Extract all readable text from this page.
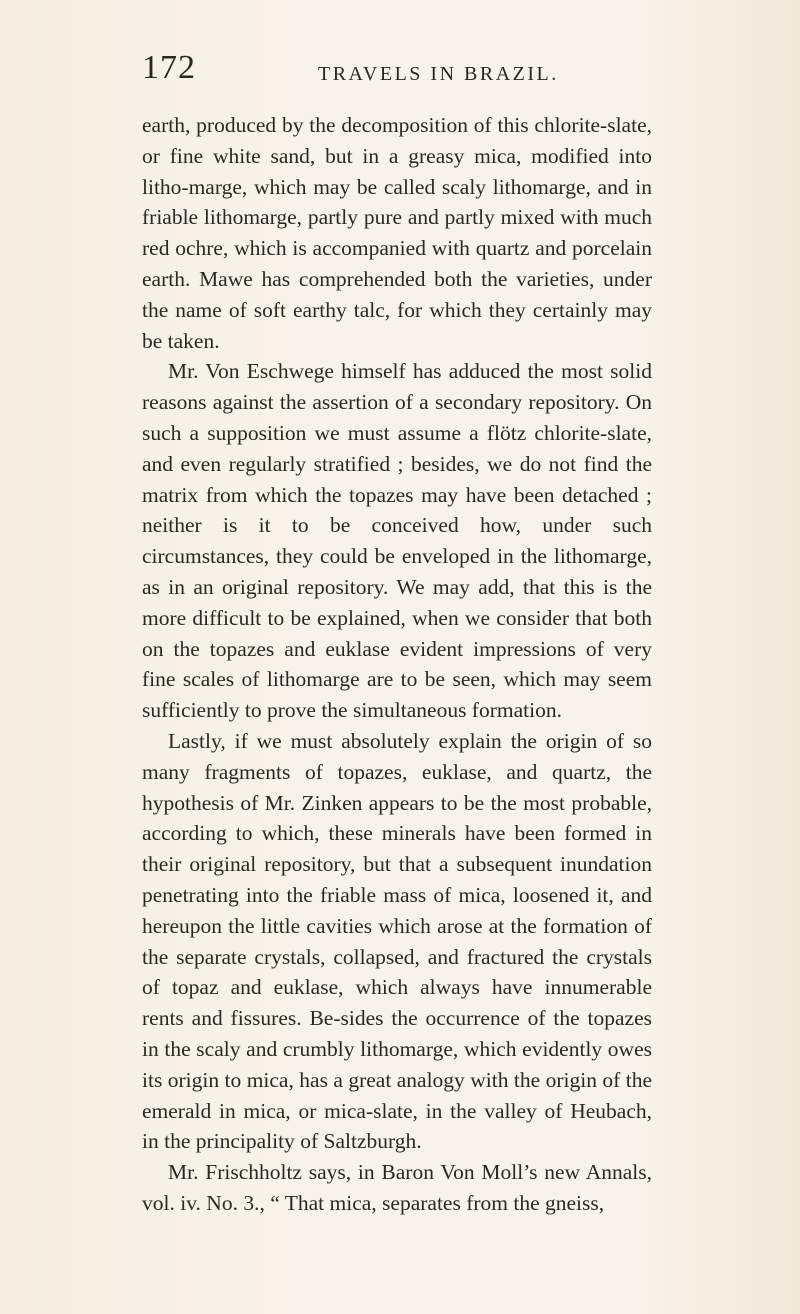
172	TRAVELS IN BRAZIL.

earth, produced by the decomposition of this chlorite-slate, or fine white sand, but in a greasy mica, modified into litho-marge, which may be called scaly lithomarge, and in friable lithomarge, partly pure and partly mixed with much red ochre, which is accompanied with quartz and porcelain earth. Mawe has comprehended both the varieties, under the name of soft earthy talc, for which they certainly may be taken.

Mr. Von Eschwege himself has adduced the most solid reasons against the assertion of a secondary repository. On such a supposition we must assume a flötz chlorite-slate, and even regularly stratified ; besides, we do not find the matrix from which the topazes may have been detached ; neither is it to be conceived how, under such circumstances, they could be enveloped in the lithomarge, as in an original repository. We may add, that this is the more difficult to be explained, when we consider that both on the topazes and euklase evident impressions of very fine scales of lithomarge are to be seen, which may seem sufficiently to prove the simultaneous formation.

Lastly, if we must absolutely explain the origin of so many fragments of topazes, euklase, and quartz, the hypothesis of Mr. Zinken appears to be the most probable, according to which, these minerals have been formed in their original repository, but that a subsequent inundation penetrating into the friable mass of mica, loosened it, and hereupon the little cavities which arose at the formation of the separate crystals, collapsed, and fractured the crystals of topaz and euklase, which always have innumerable rents and fissures. Be-sides the occurrence of the topazes in the scaly and crumbly lithomarge, which evidently owes its origin to mica, has a great analogy with the origin of the emerald in mica, or mica-slate, in the valley of Heubach, in the principality of Saltzburgh.

Mr. Frischholtz says, in Baron Von Moll’s new Annals, vol. iv. No. 3., “ That mica, separates from the gneiss,
